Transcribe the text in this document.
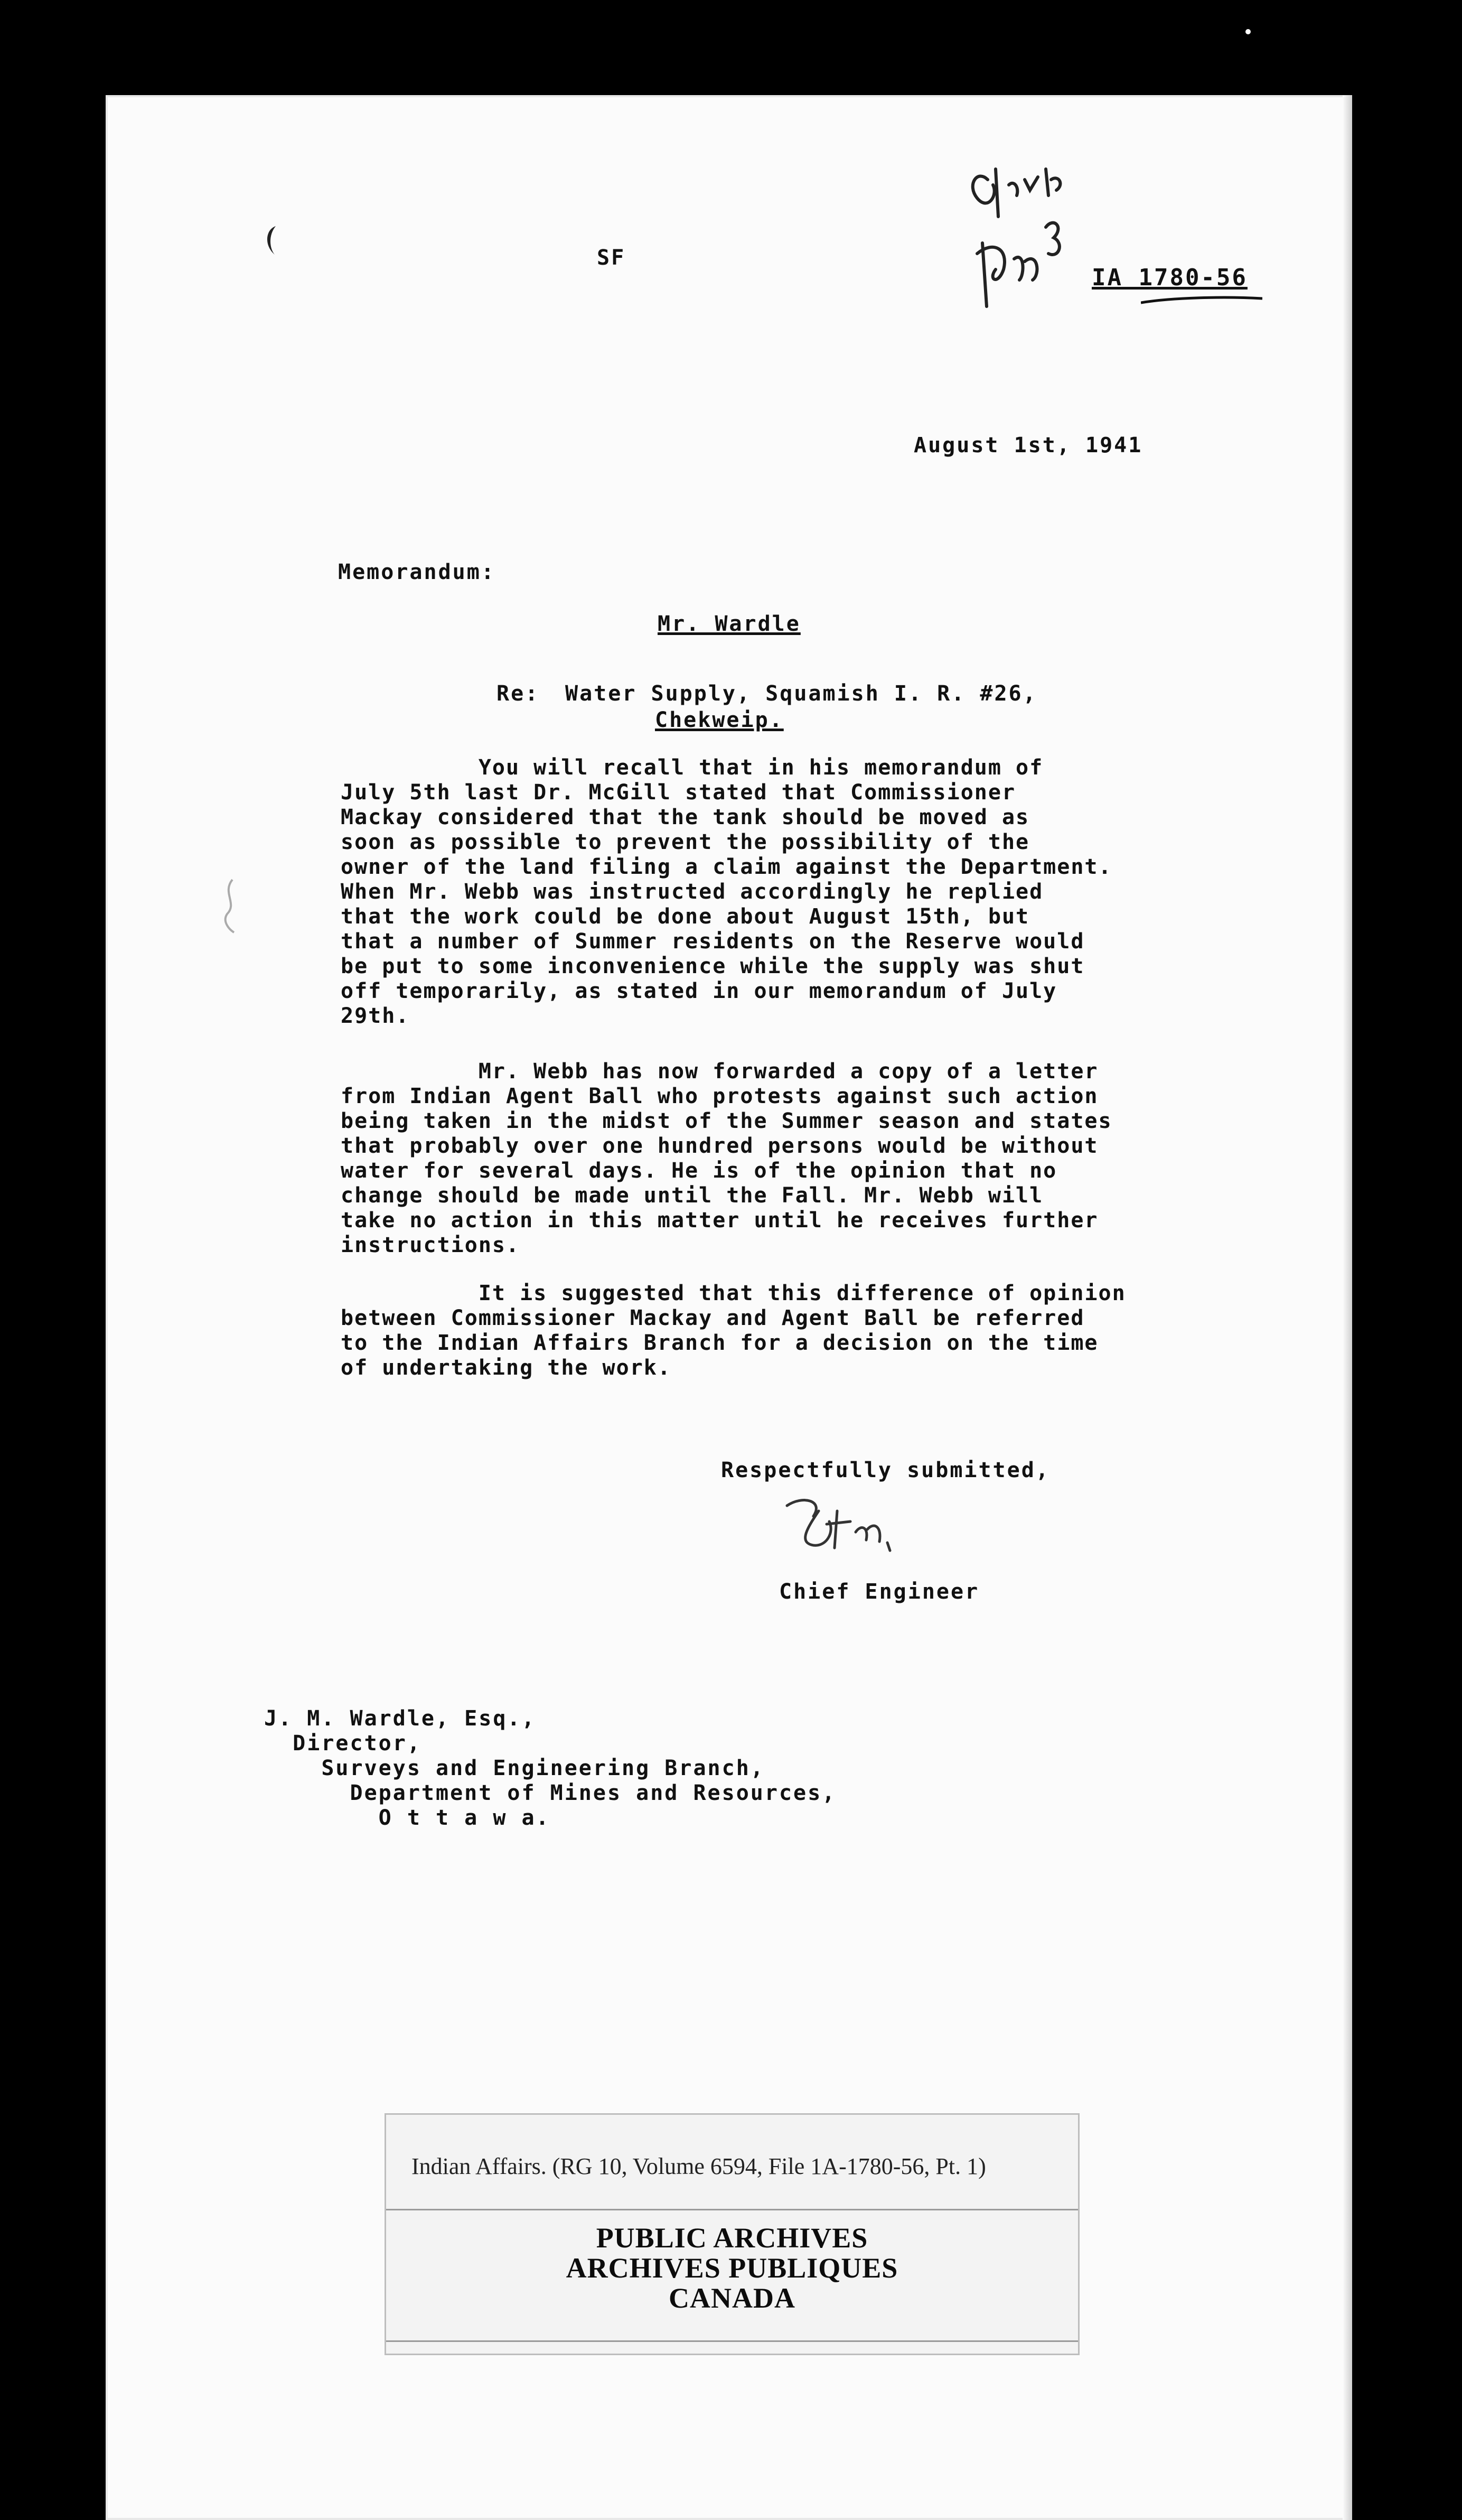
SF
IA 1780-56
August 1st, 1941
Memorandum:
Mr. Wardle
Re: Water Supply, Squamish I. R. #26,
Chekweip.
You will recall that in his memorandum of
July 5th last Dr. McGill stated that Commissioner
Mackay considered that the tank should be moved as
soon as possible to prevent the possibility of the
owner of the land filing a claim against the Department.
When Mr. Webb was instructed accordingly he replied
that the work could be done about August 15th, but
that a number of Summer residents on the Reserve would
be put to some inconvenience while the supply was shut
off temporarily, as stated in our memorandum of July
29th.
Mr. Webb has now forwarded a copy of a letter
from Indian Agent Ball who protests against such action
being taken in the midst of the Summer season and states
that probably over one hundred persons would be without
water for several days. He is of the opinion that no
change should be made until the Fall. Mr. Webb will
take no action in this matter until he receives further
instructions.
It is suggested that this difference of opinion
between Commissioner Mackay and Agent Ball be referred
to the Indian Affairs Branch for a decision on the time
of undertaking the work.
Respectfully submitted,
Chief Engineer
J. M. Wardle, Esq.,
Director,
Surveys and Engineering Branch,
Department of Mines and Resources,
O t t a w a.
Indian Affairs. (RG 10, Volume 6594, File 1A-1780-56, Pt. 1)
PUBLIC ARCHIVES
ARCHIVES PUBLIQUES
CANADA
